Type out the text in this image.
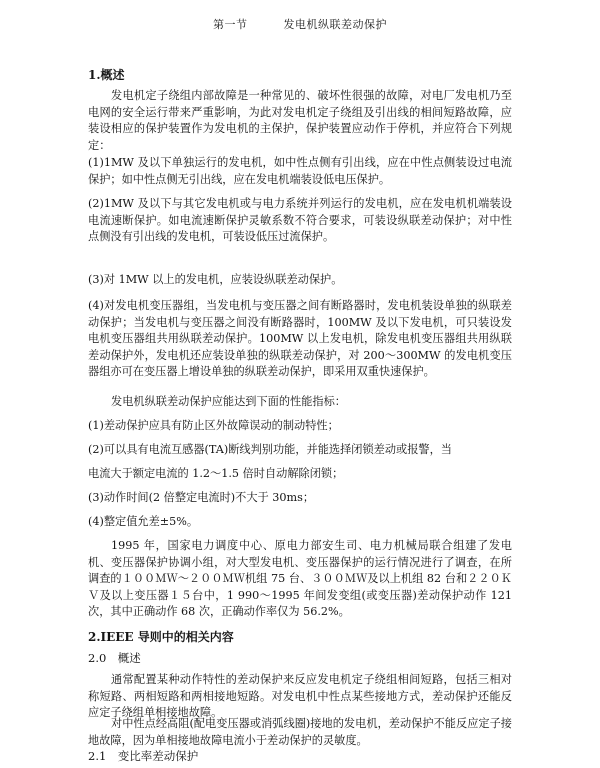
第一节	发电机纵联差动保护
1.概述
发电机定子绕组内部故障是一种常见的、破坏性很强的故障，对电厂发电机乃至电网的安全运行带来严重影响，为此对发电机定子绕组及引出线的相间短路故障，应装设相应的保护装置作为发电机的主保护，保护装置应动作于停机，并应符合下列规定：
(1)1MW 及以下单独运行的发电机，如中性点侧有引出线，应在中性点侧装设过电流保护；如中性点侧无引出线，应在发电机端装设低电压保护。
(2)1MW 及以下与其它发电机或与电力系统并列运行的发电机，应在发电机机端装设电流速断保护。如电流速断保护灵敏系数不符合要求，可装设纵联差动保护；对中性点侧没有引出线的发电机，可装设低压过流保护。
(3)对 1MW 以上的发电机，应装设纵联差动保护。
(4)对发电机变压器组，当发电机与变压器之间有断路器时，发电机装设单独的纵联差动保护；当发电机与变压器之间没有断路器时，100MW 及以下发电机，可只装设发电机变压器组共用纵联差动保护。100MW 以上发电机，除发电机变压器组共用纵联差动保护外，发电机还应装设单独的纵联差动保护，对 200～300MW 的发电机变压器组亦可在变压器上增设单独的纵联差动保护，即采用双重快速保护。
发电机纵联差动保护应能达到下面的性能指标：
(1)差动保护应具有防止区外故障误动的制动特性；
(2)可以具有电流互感器(TA)断线判别功能，并能选择闭锁差动或报警，当
电流大于额定电流的 1.2～1.5 倍时自动解除闭锁；
(3)动作时间(2 倍整定电流时)不大于 30ms；
(4)整定值允差±5%。
1995 年，国家电力调度中心、原电力部安生司、电力机械局联合组建了发电机、变压器保护协调小组，对大型发电机、变压器保护的运行情况进行了调查，在所调查的１００ＭＷ～２００ＭＷ机组 75 台、３００ＭＷ及以上机组 82 台和２２０ＫＶ及以上变压器１５台中，1 990～1995 年间发变组(或变压器)差动保护动作 121 次，其中正确动作 68 次，正确动作率仅为 56.2%。
2.IEEE 导则中的相关内容
2.0　概述
通常配置某种动作特性的差动保护来反应发电机定子绕组相间短路，包括三相对称短路、两相短路和两相接地短路。对发电机中性点某些接地方式，差动保护还能反应定子绕组单相接地故障。
对中性点经高阻(配电变压器或消弧线圈)接地的发电机，差动保护不能反应定子接地故障，因为单相接地故障电流小于差动保护的灵敏度。
2.1　变比率差动保护
